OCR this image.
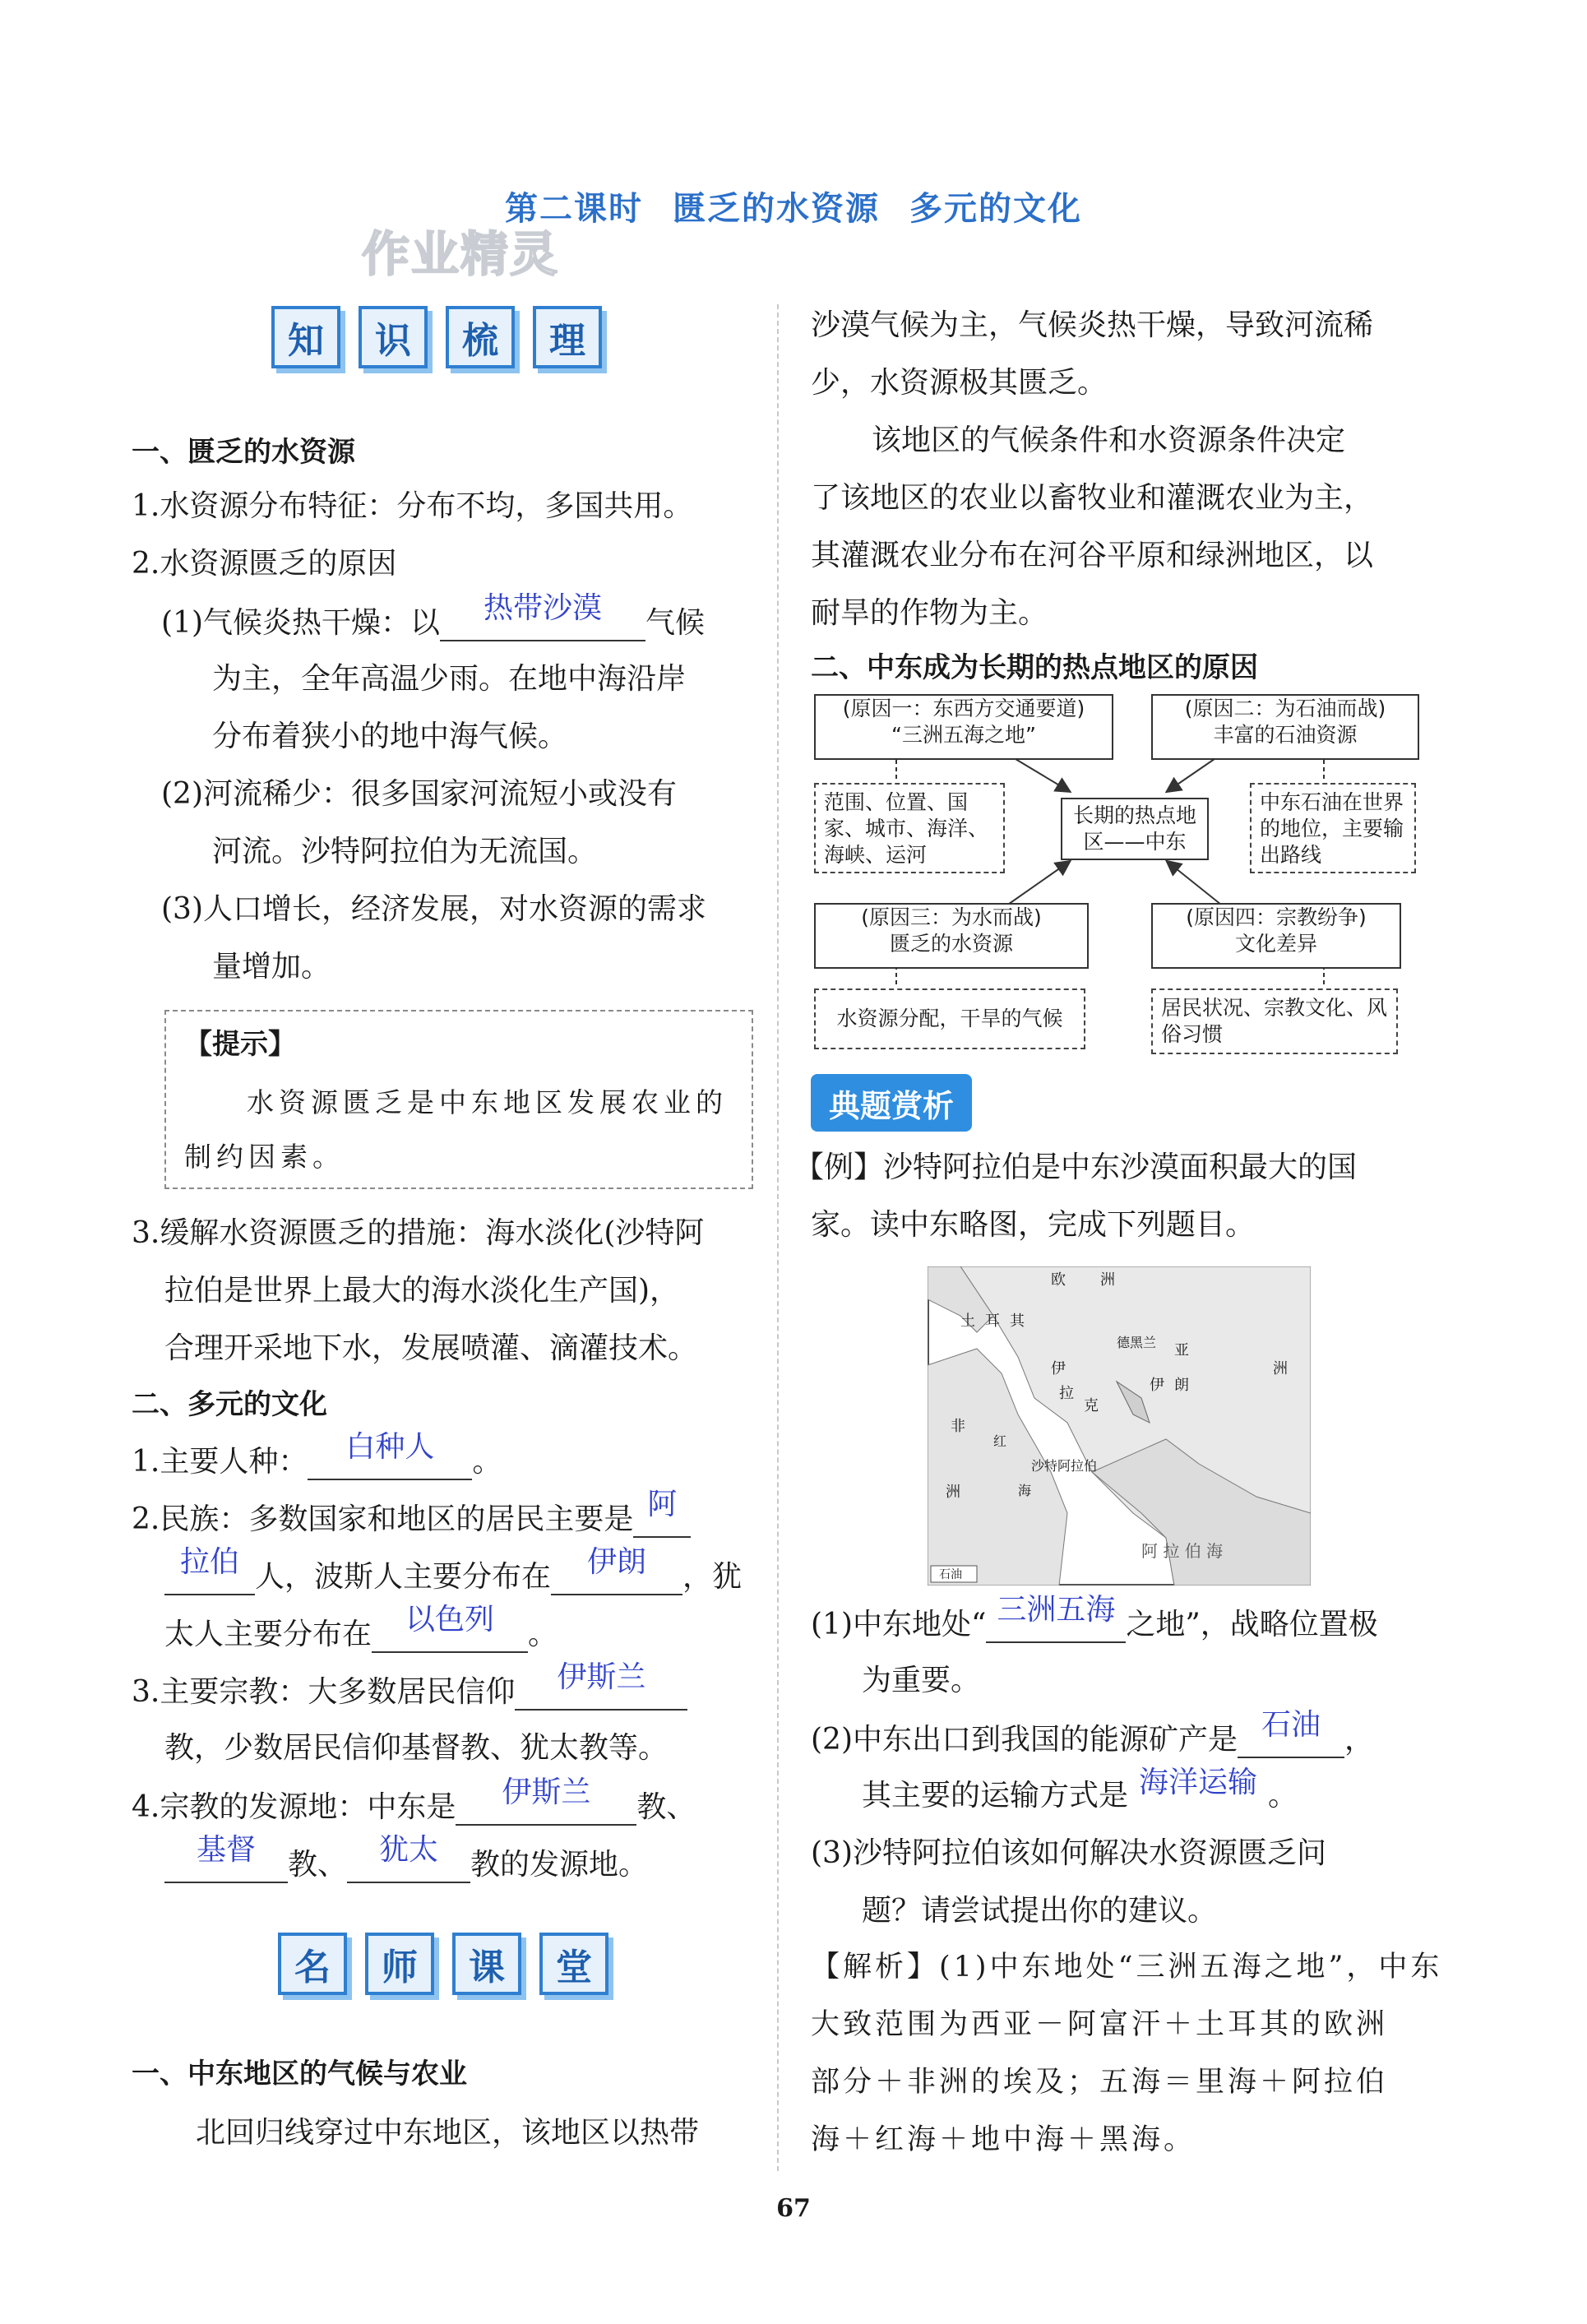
第二课时 匮乏的水资源 多元的文化
作业精灵
知	识	梳	理
一、匮乏的水资源
1.水资源分布特征：分布不均，多国共用。
2.水资源匮乏的原因
(1)气候炎热干燥：以	热带沙漠	气候
为主，全年高温少雨。在地中海沿岸
分布着狭小的地中海气候。
(2)河流稀少：很多国家河流短小或没有
河流。沙特阿拉伯为无流国。
(3)人口增长，经济发展，对水资源的需求
量增加。
【提示】
水资源匮乏是中东地区发展农业的制约因素。
3.缓解水资源匮乏的措施：海水淡化(沙特阿
拉伯是世界上最大的海水淡化生产国)，
合理开采地下水，发展喷灌、滴灌技术。
二、多元的文化
1.主要人种：	白种人	。
2.民族：多数国家和地区的居民主要是 阿
拉伯 人，波斯人主要分布在	伊朗	，犹
太人主要分布在	以色列	。
3.主要宗教：大多数居民信仰	伊斯兰
教，少数居民信仰基督教、犹太教等。
4.宗教的发源地：中东是	伊斯兰	教、
基督	教、	犹太	教的发源地。
名	师	课	堂
一、中东地区的气候与农业
北回归线穿过中东地区，该地区以热带
沙漠气候为主，气候炎热干燥，导致河流稀
少，水资源极其匮乏。
该地区的气候条件和水资源条件决定
了该地区的农业以畜牧业和灌溉农业为主，
其灌溉农业分布在河谷平原和绿洲地区，以
耐旱的作物为主。
二、中东成为长期的热点地区的原因
(原因一：东西方交通要道)
“三洲五海之地”
(原因二：为石油而战)
丰富的石油资源
范围、位置、国家、城市、海洋、海峡、运河
长期的热点地区——中东
中东石油在世界的地位，主要输出路线
(原因三：为水而战)
匮乏的水资源
(原因四：宗教纷争)
文化差异
水资源分配，干旱的气候	居民状况、宗教文化、风俗习惯
典题赏析
【例】沙特阿拉伯是中东沙漠面积最大的国
家。读中东略图，完成下列题目。
欧 洲
土 耳 其
德黑兰 亚
洲
伊 朗
伊
拉
克
沙特阿拉伯
非
洲
红
海
阿 拉 伯 海
石油
(1)中东地处“ 三洲五海 之地”，战略位置极
为重要。
(2)中东出口到我国的能源矿产是 石油 ，
其主要的运输方式是 海洋运输 。
(3)沙特阿拉伯该如何解决水资源匮乏问
题？请尝试提出你的建议。
【解析】(1)中东地处“三洲五海之地”，中东
大致范围为西亚－阿富汗＋土耳其的欧洲
部分＋非洲的埃及；五海＝里海＋阿拉伯
海＋红海＋地中海＋黑海。
67
